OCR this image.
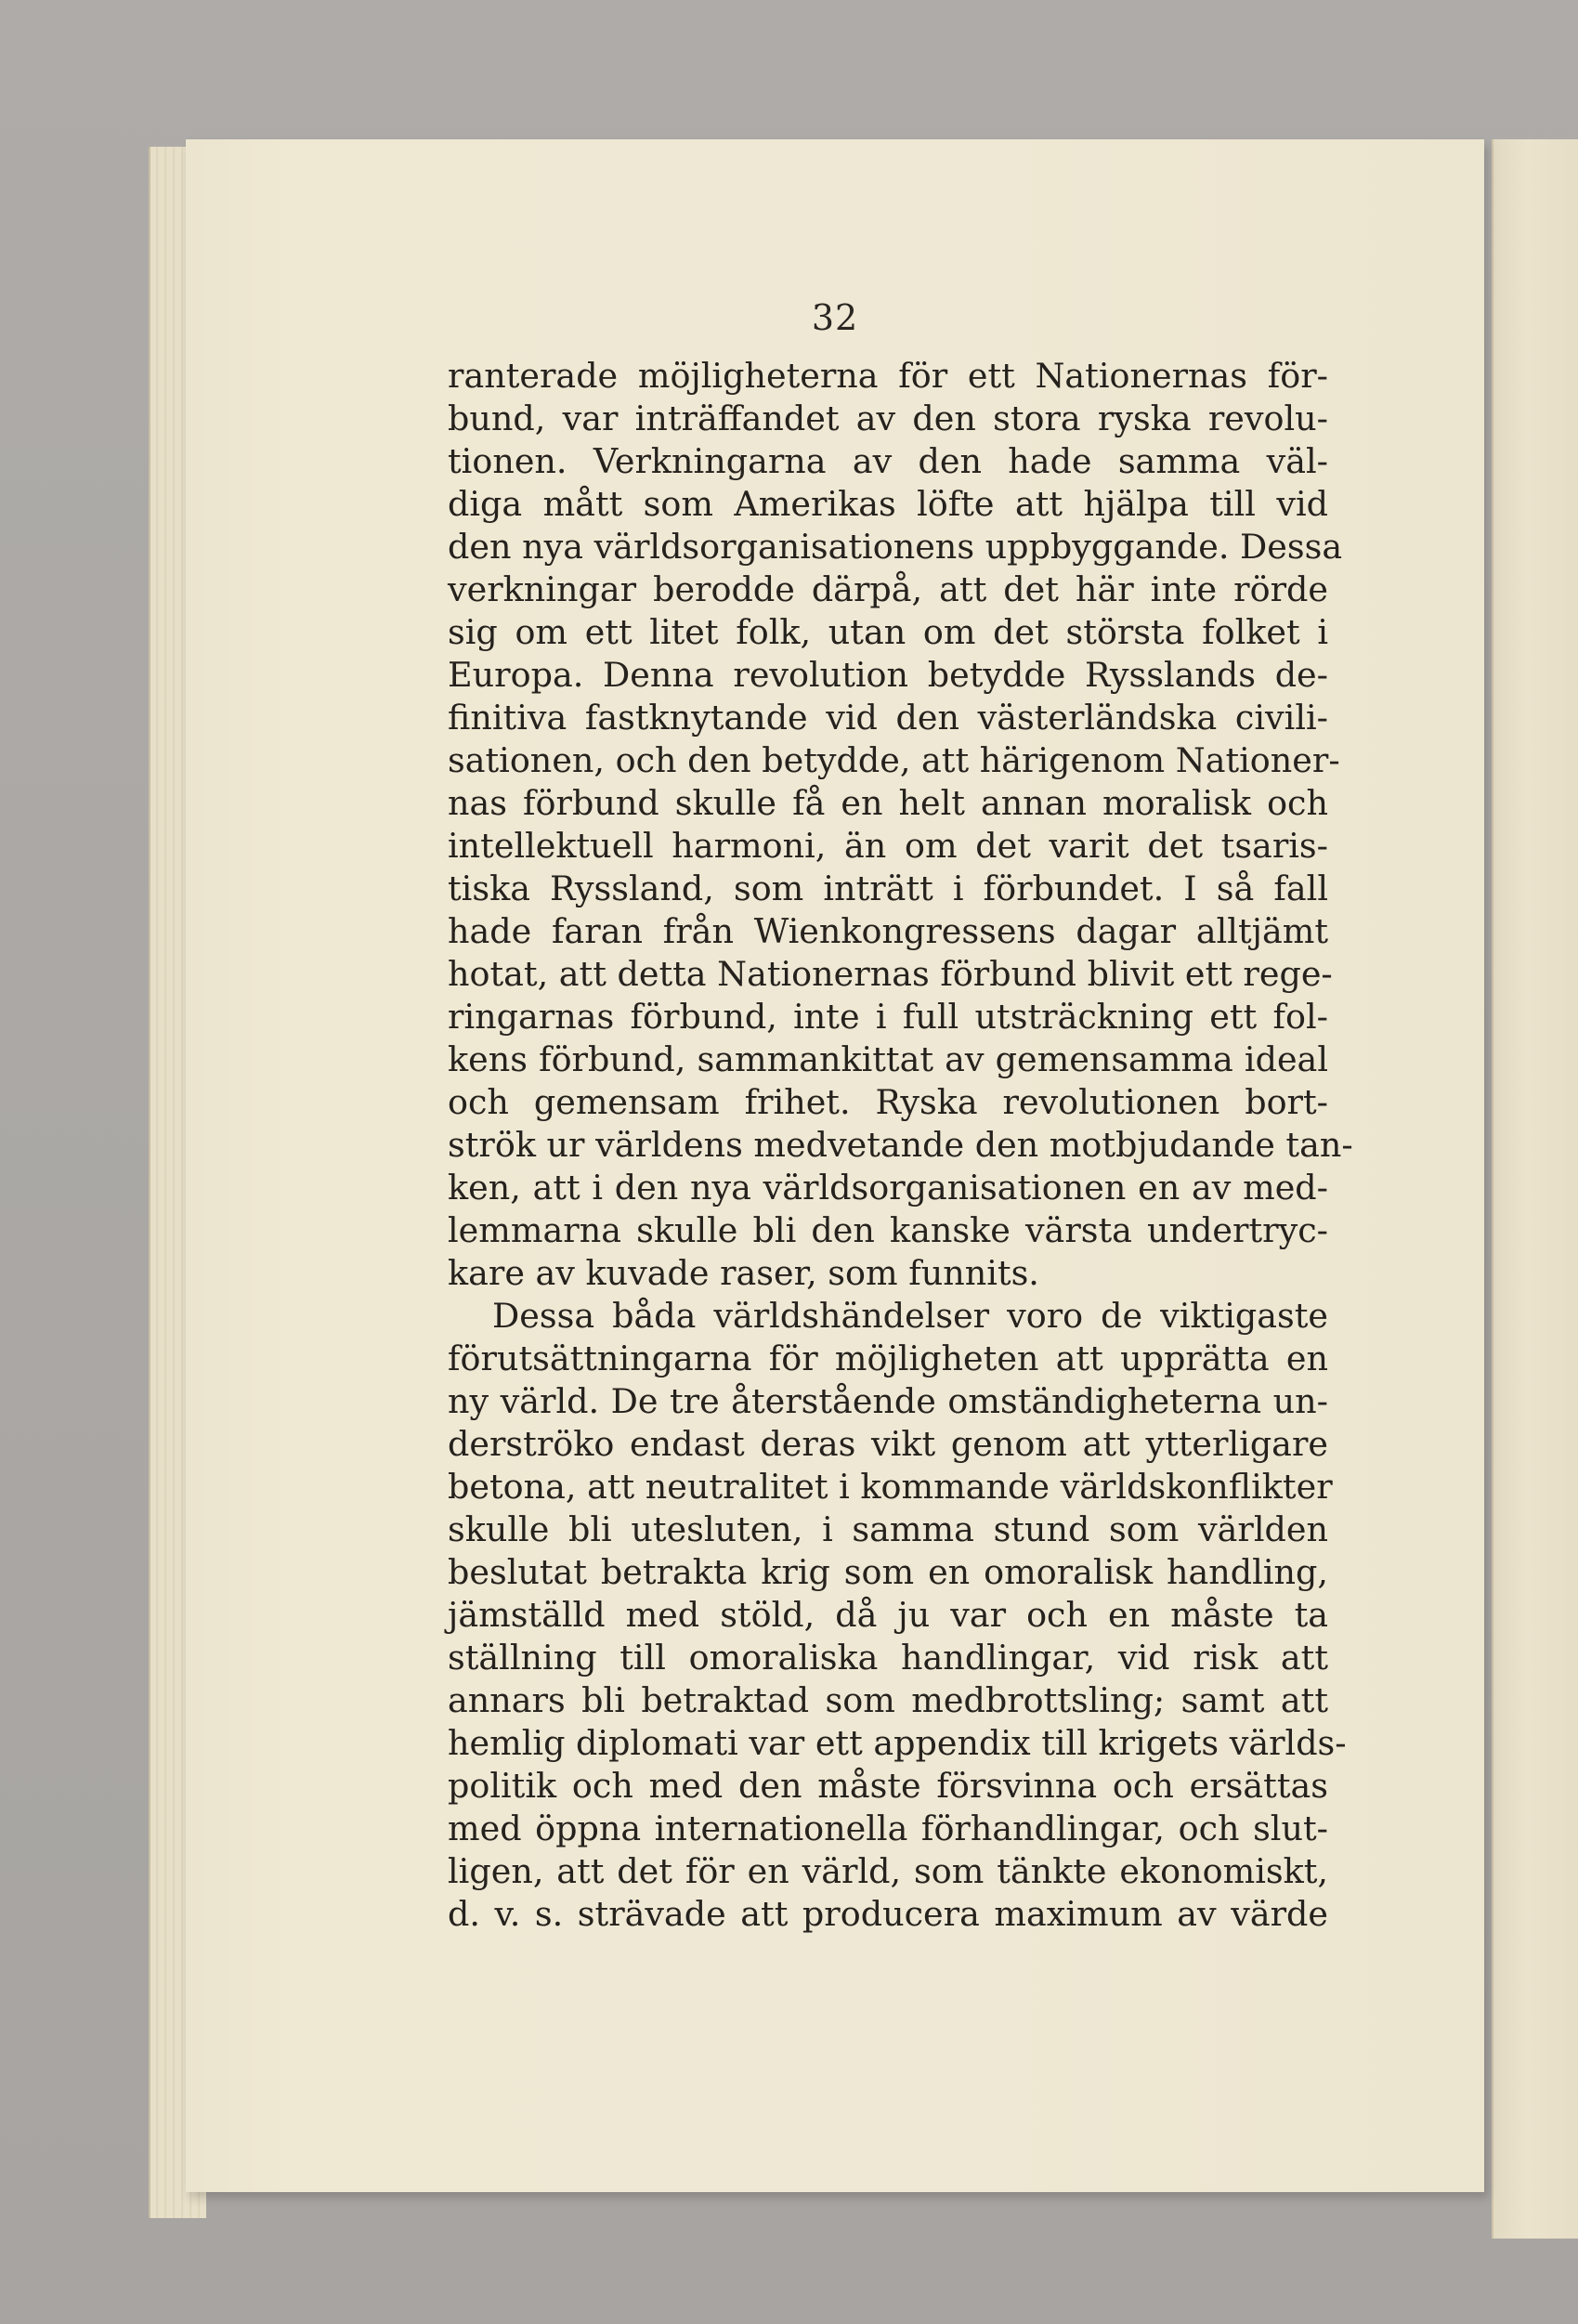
32
ranterade möjligheterna för ett Nationernas för-
bund, var inträffandet av den stora ryska revolu-
tionen. Verkningarna av den hade samma väl-
diga mått som Amerikas löfte att hjälpa till vid
den nya världsorganisationens uppbyggande. Dessa
verkningar berodde därpå, att det här inte rörde
sig om ett litet folk, utan om det största folket i
Europa. Denna revolution betydde Rysslands de-
finitiva fastknytande vid den västerländska civili-
sationen, och den betydde, att härigenom Nationer-
nas förbund skulle få en helt annan moralisk och
intellektuell harmoni, än om det varit det tsaris-
tiska Ryssland, som inträtt i förbundet. I så fall
hade faran från Wienkongressens dagar alltjämt
hotat, att detta Nationernas förbund blivit ett rege-
ringarnas förbund, inte i full utsträckning ett fol-
kens förbund, sammankittat av gemensamma ideal
och gemensam frihet. Ryska revolutionen bort-
strök ur världens medvetande den motbjudande tan-
ken, att i den nya världsorganisationen en av med-
lemmarna skulle bli den kanske värsta undertryc-
kare av kuvade raser, som funnits.
Dessa båda världshändelser voro de viktigaste
förutsättningarna för möjligheten att upprätta en
ny värld. De tre återstående omständigheterna un-
derströko endast deras vikt genom att ytterligare
betona, att neutralitet i kommande världskonflikter
skulle bli utesluten, i samma stund som världen
beslutat betrakta krig som en omoralisk handling,
jämställd med stöld, då ju var och en måste ta
ställning till omoraliska handlingar, vid risk att
annars bli betraktad som medbrottsling; samt att
hemlig diplomati var ett appendix till krigets världs-
politik och med den måste försvinna och ersättas
med öppna internationella förhandlingar, och slut-
ligen, att det för en värld, som tänkte ekonomiskt,
d. v. s. strävade att producera maximum av värde
